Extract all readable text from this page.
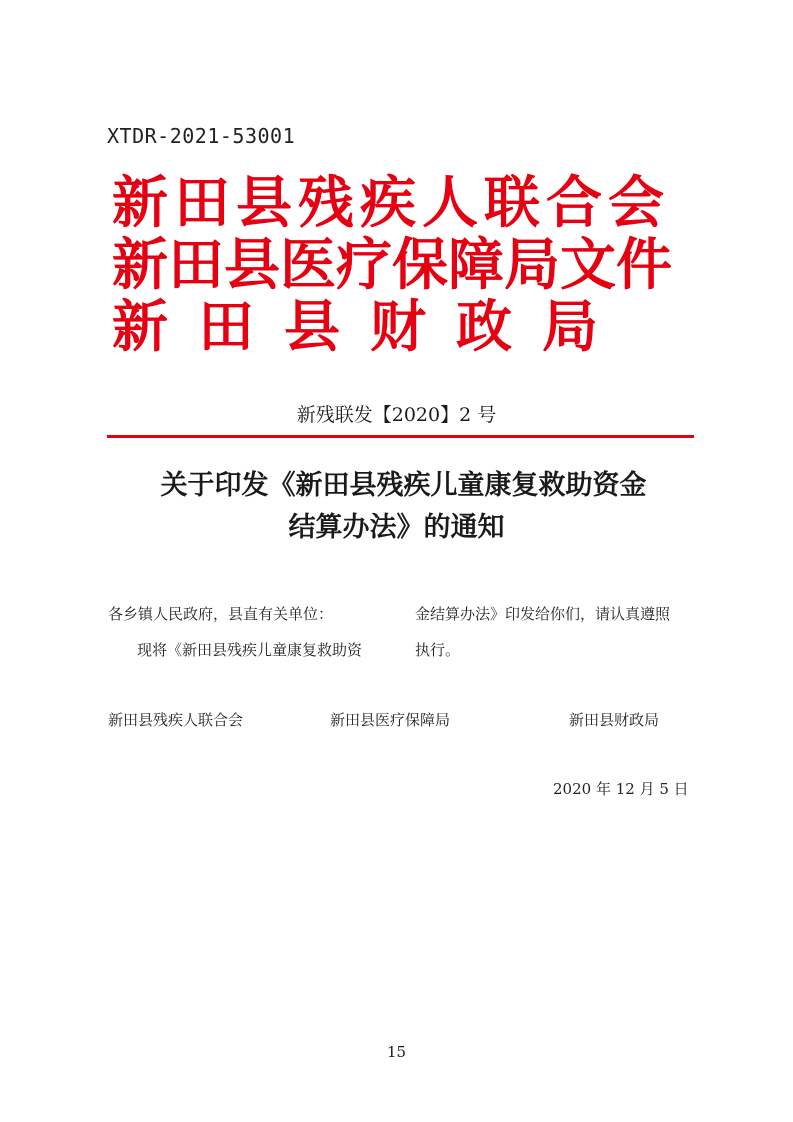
XTDR-2021-53001
新田县残疾人联合会
新田县医疗保障局文件
新田县财政局
新残联发【2020】2 号
关于印发《新田县残疾儿童康复救助资金
结算办法》的通知
各乡镇人民政府，县直有关单位：
现将《新田县残疾儿童康复救助资
金结算办法》印发给你们，请认真遵照
执行。
新田县残疾人联合会	新田县医疗保障局	新田县财政局
2020 年 12 月 5 日
15
